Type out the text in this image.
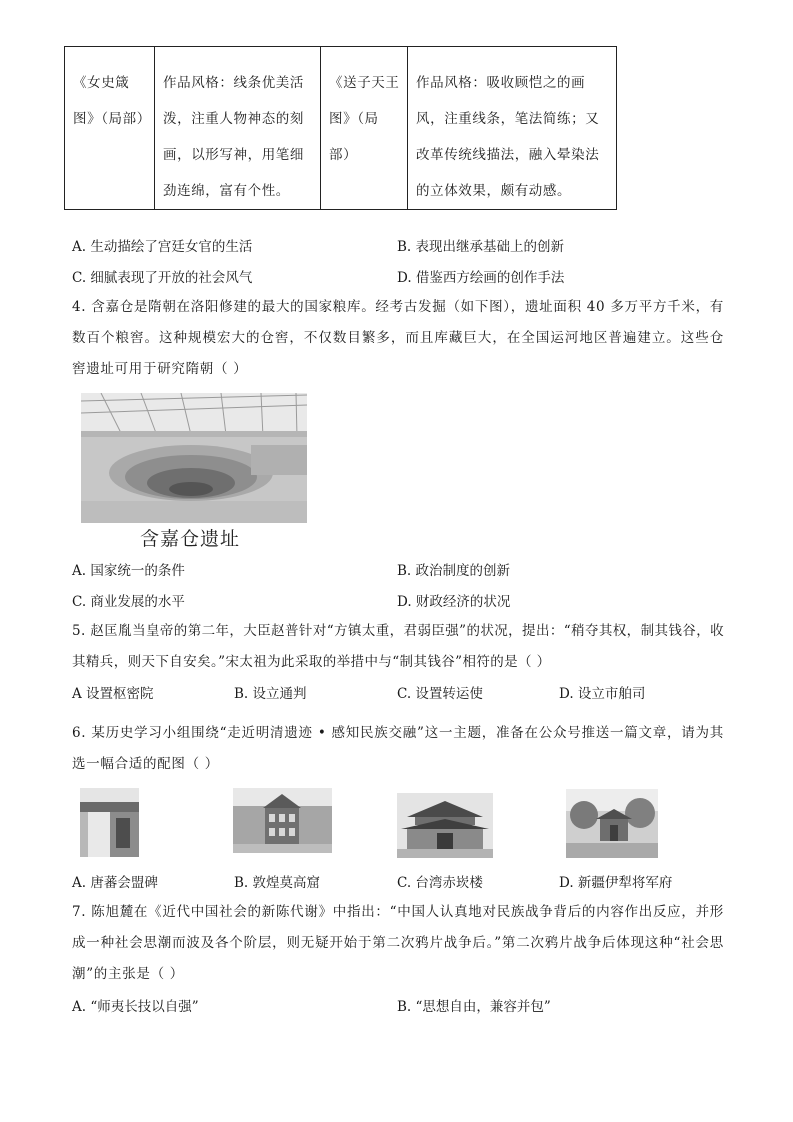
《女史箴图》（局部）	作品风格：线条优美活泼，注重人物神态的刻画，以形写神，用笔细劲连绵，富有个性。	《送子天王图》（局部）	作品风格：吸收顾恺之的画风，注重线条，笔法简练；又改革传统线描法，融入晕染法的立体效果，颇有动感。
A. 生动描绘了宫廷女官的生活	B. 表现出继承基础上的创新
C. 细腻表现了开放的社会风气	D. 借鉴西方绘画的创作手法
4. 含嘉仓是隋朝在洛阳修建的最大的国家粮库。经考古发掘（如下图），遗址面积 40 多万平方千米，有数百个粮窖。这种规模宏大的仓窖，不仅数目繁多，而且库藏巨大，在全国运河地区普遍建立。这些仓窖遗址可用于研究隋朝（ ）
含嘉仓遗址
A. 国家统一的条件	B. 政治制度的创新
C. 商业发展的水平	D. 财政经济的状况
5. 赵匡胤当皇帝的第二年，大臣赵普针对“方镇太重，君弱臣强”的状况，提出：“稍夺其权，制其钱谷，收其精兵，则天下自安矣。”宋太祖为此采取的举措中与“制其钱谷”相符的是（ ）
A 设置枢密院	B. 设立通判	C. 设置转运使	D. 设立市舶司
6. 某历史学习小组围绕“走近明清遗迹 • 感知民族交融”这一主题，准备在公众号推送一篇文章，请为其选一幅合适的配图（ ）
A. 唐蕃会盟碑	B. 敦煌莫高窟	C. 台湾赤崁楼	D. 新疆伊犁将军府
7. 陈旭麓在《近代中国社会的新陈代谢》中指出：“中国人认真地对民族战争背后的内容作出反应，并形成一种社会思潮而波及各个阶层，则无疑开始于第二次鸦片战争后。”第二次鸦片战争后体现这种“社会思潮”的主张是（ ）
A. “师夷长技以自强”	B. “思想自由，兼容并包”
